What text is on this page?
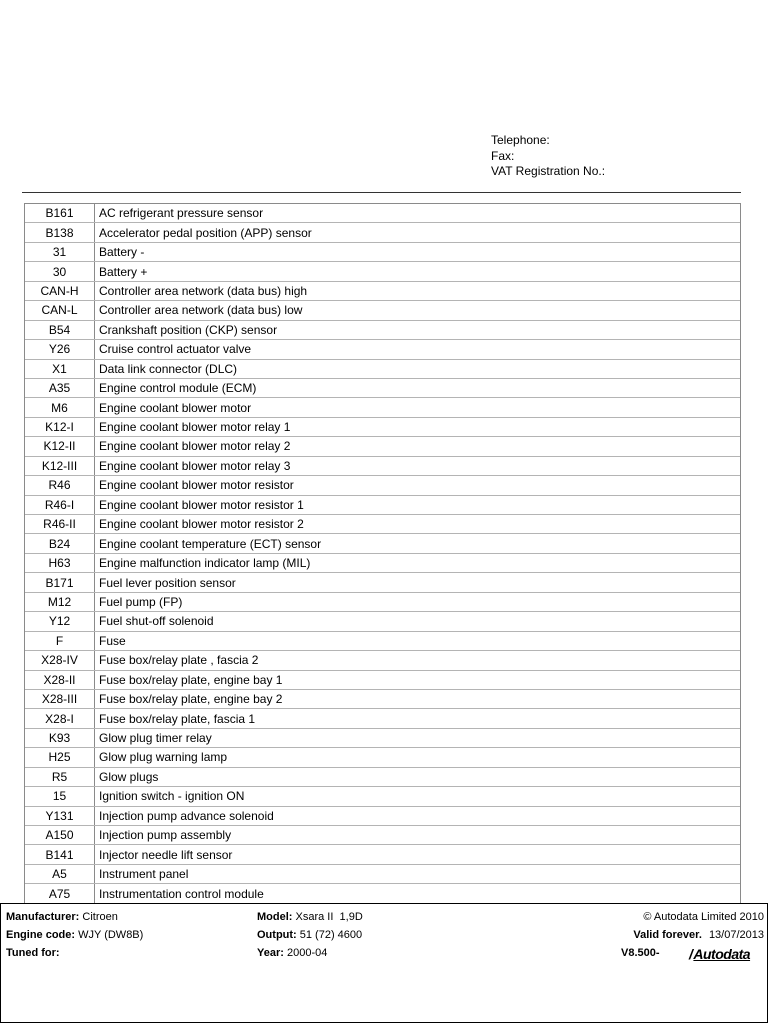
Telephone:
Fax:
VAT Registration No.:
B161	AC refrigerant pressure sensor
B138	Accelerator pedal position (APP) sensor
31	Battery -
30	Battery +
CAN-H	Controller area network (data bus) high
CAN-L	Controller area network (data bus) low
B54	Crankshaft position (CKP) sensor
Y26	Cruise control actuator valve
X1	Data link connector (DLC)
A35	Engine control module (ECM)
M6	Engine coolant blower motor
K12-I	Engine coolant blower motor relay 1
K12-II	Engine coolant blower motor relay 2
K12-III	Engine coolant blower motor relay 3
R46	Engine coolant blower motor resistor
R46-I	Engine coolant blower motor resistor 1
R46-II	Engine coolant blower motor resistor 2
B24	Engine coolant temperature (ECT) sensor
H63	Engine malfunction indicator lamp (MIL)
B171	Fuel lever position sensor
M12	Fuel pump (FP)
Y12	Fuel shut-off solenoid
F	Fuse
X28-IV	Fuse box/relay plate , fascia 2
X28-II	Fuse box/relay plate, engine bay 1
X28-III	Fuse box/relay plate, engine bay 2
X28-I	Fuse box/relay plate, fascia 1
K93	Glow plug timer relay
H25	Glow plug warning lamp
R5	Glow plugs
15	Ignition switch - ignition ON
Y131	Injection pump advance solenoid
A150	Injection pump assembly
B141	Injector needle lift sensor
A5	Instrument panel
A75	Instrumentation control module
Manufacturer: Citroen
Engine code: WJY (DW8B)
Tuned for:
Model: Xsara II  1,9D
Output: 51 (72) 4600
Year: 2000-04
© Autodata Limited 2010
Valid forever. 13/07/2013
V8.500- /Autodata
